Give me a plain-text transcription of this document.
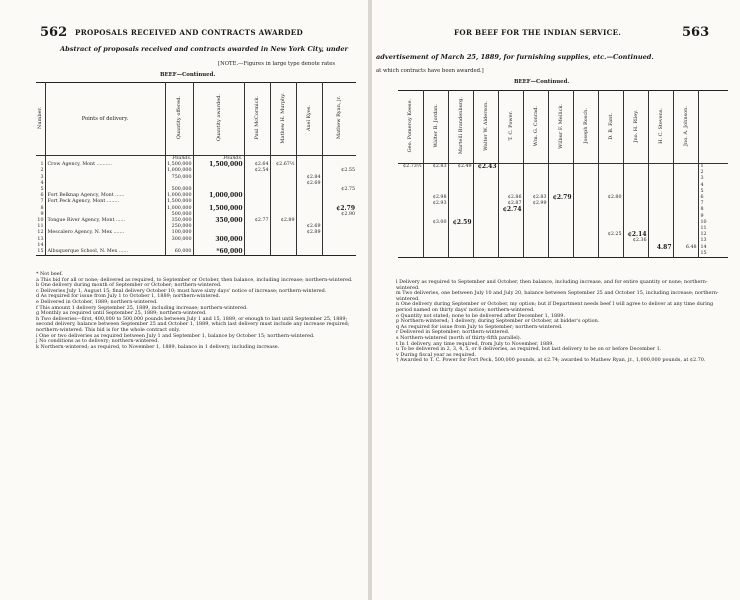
562 PROPOSALS RECEIVED AND CONTRACTS AWARDED
Abstract of proposals received and contracts awarded in New York City, under
[NOTE.—Figures in large type denote rates
BEEF—Continued.
Number.	Points of delivery.	Quantity offered.	Quantity awarded.	Paul McCormick.	Mathew H. Murphy.	Axel Kyes.	Mathew Ryan, jr.
		Pounds.	Pounds.				
1	Crow Agency, Mont ..........	1,500,000	1,500,000	¢2.64	¢2.67½		
2		1,000,000		¢2.54			¢2.55
3		750,000				¢2.84	
4						¢2.69	
5		500,000					¢2.75
6	Fort Belknap Agency, Mont ......	1,000,000	1,000,000				
7	Fort Peck Agency, Mont ........	1,500,000					
8		1,000,000	1,500,000				¢2.79
9		500,000					¢2.90
10	Tongue River Agency, Mont ......	350,000	350,000	¢2.77	¢2.89		
11		250,000				¢2.69	
12	Mescalero Agency, N. Mex .......	100,000				¢2.89	
13		300,000	300,000				
14							
15	Albuquerque School, N. Mex ......	60,000	*60,000				
* Not beef.
a This bid for all or none; delivered as required, to September or October, then balance, including increase; northern-wintered.
b One delivery during month of September or October; northern-wintered.
c Deliveries July 1, August 15; final delivery October 10; must have sixty days' notice of increase; northern-wintered.
d As required for issue from July 1 to October 1, 1889; northern-wintered.
e Delivered in October, 1889; northern-wintered.
f This amount 1 delivery September 25, 1889, including increase; northern-wintered.
g Monthly as required until September 25, 1889; northern-wintered.
h Two deliveries—first, 400,000 to 500,000 pounds between July 1 and 15, 1889, or enough to last until September 25, 1889; second delivery, balance between September 25 and October 1, 1889, which last delivery must include any increase required; northern-wintered. This bid is for the whole contract only.
i One or two deliveries as required between July 1 and September 1, balance by October 15; northern-wintered.
j No conditions as to delivery; northern-wintered.
k Northern-wintered; as required, to November 1, 1889, balance in 1 delivery, including increase.
FOR BEEF FOR THE INDIAN SERVICE.	563
advertisement of March 25, 1889, for furnishing supplies, etc.—Continued.
at which contracts have been awarded.]
BEEF—Continued.
Geo. Pomeroy Keese.	Walter B. Jordan.	Martelli Brandenburg.	Walter W. Alderson.	T. C. Power.	Wm. G. Conrad.	Wilbur F. Mellick.	Joseph Rosch.	D. B. Fant.	Jno. H. Riley.	H. C. Stevens.	Jno. A. Johnson.	
¢2.73½	¢2.83	¢2.49	¢2.43									1
												2
												3
												4
												5
	¢2.98			¢2.86	¢2.83	¢2.79		¢2.80				6
	¢2.93			¢2.87	¢2.99							7
				¢2.74								8
												9
	¢3.00	¢2.59										10
												11
								¢2.25	¢2.14			12
									¢2.36			13
										4.87	6.48	14
												15
l Delivery as required to September and October, then balance, including increase, and for entire quantity or none; northern-wintered.
m Two deliveries, one between July 10 and July 20, balance between September 25 and October 15, including increase; northern-wintered.
n One delivery during September or October, my option; but if Department needs beef I will agree to deliver at any time during period named on thirty days' notice; northern-wintered.
o Quantity not stated; none to be delivered after December 1, 1889.
p Northern-wintered; 1 delivery, during September or October, at bidder's option.
q As required for issue from July to September; northern-wintered.
r Delivered in September; northern-wintered.
s Northern-wintered (north of thirty-fifth parallel).
t In 1 delivery, any time required, from July to November, 1889.
u To be delivered in 2, 3, 4, 5, or 6 deliveries, as required, but last delivery to be on or before December 1.
v During fiscal year as required.
† Awarded to T. C. Power for Fort Peck, 500,000 pounds, at ¢2.74; awarded to Mathew Ryan, jr., 1,000,000 pounds, at ¢2.70.
